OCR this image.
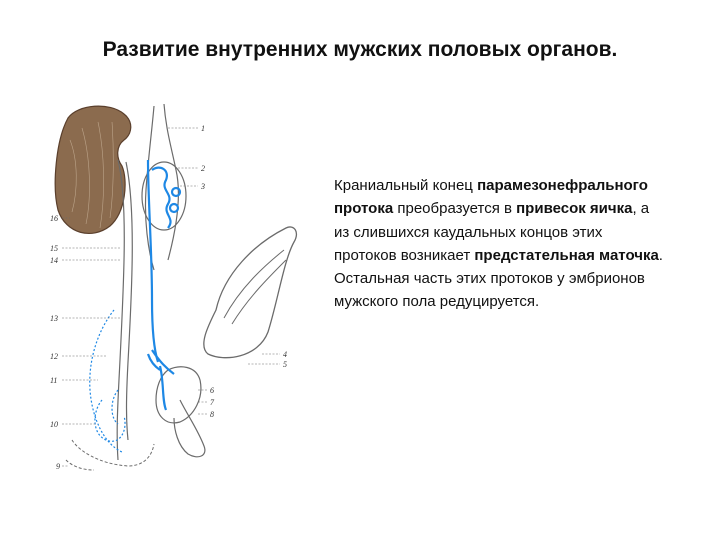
Развитие внутренних мужских половых органов.
1
2
3
4
5
6
7
8
16
15
14
13
12
11
10
9
Краниальный конец парамезонефрального протока преобразуется в привесок яичка, а из слившихся каудальных концов этих протоков возникает предстательная маточка. Остальная часть этих протоков у эмбрионов мужского пола редуцируется.
